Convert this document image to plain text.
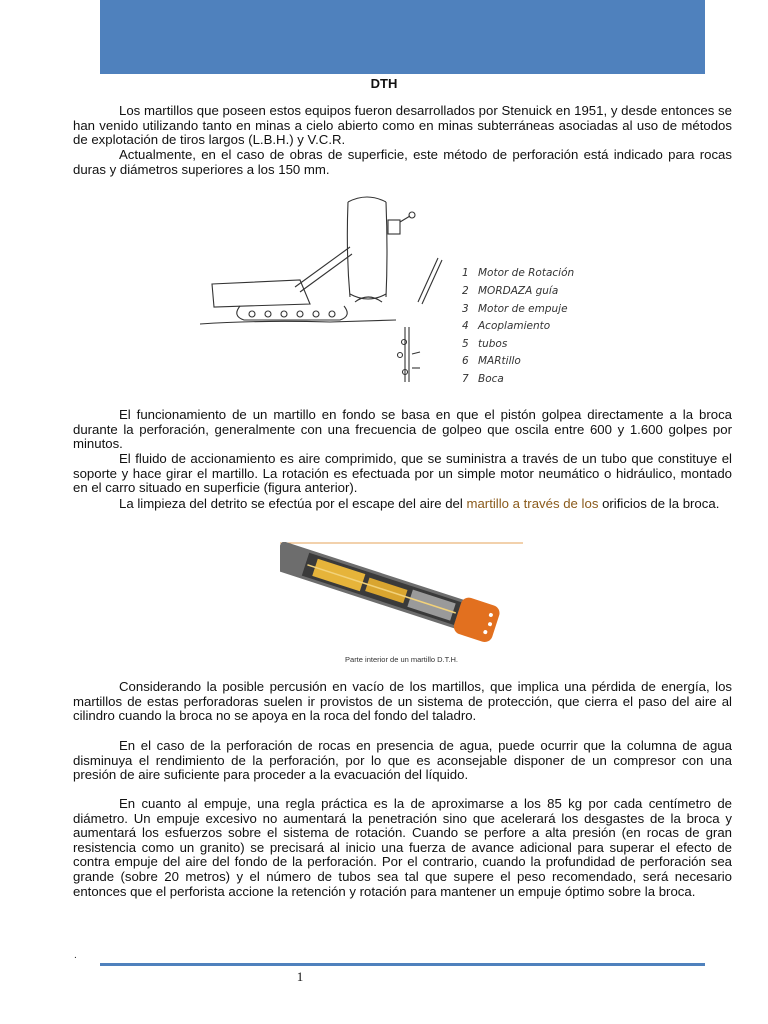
DTH

Los martillos que poseen estos equipos fueron desarrollados por Stenuick en 1951, y desde entonces se han venido utilizando tanto en minas a cielo abierto como en minas subterráneas asociadas al uso de métodos de explotación de tiros largos (L.B.H.) y V.C.R.

Actualmente, en el caso de obras de superficie, este método de perforación está indicado para rocas duras y diámetros superiores a los 150 mm.

1 Motor de Rotación
2 MORDAZA guía
3 Motor de empuje
4 Acoplamiento
5 tubos
6 MARtillo
7 Boca

El funcionamiento de un martillo en fondo se basa en que el pistón golpea directamente a la broca durante la perforación, generalmente con una frecuencia de golpeo que oscila entre 600 y 1.600 golpes por minutos.

El fluido de accionamiento es aire comprimido, que se suministra a través de un tubo que constituye el soporte y hace girar el martillo. La rotación es efectuada por un simple motor neumático o hidráulico, montado en el carro situado en superficie (figura anterior).

La limpieza del detrito se efectúa por el escape del aire del martillo a través de los orificios de la broca.

Parte interior de un martillo D.T.H.

Considerando la posible percusión en vacío de los martillos, que implica una pérdida de energía, los martillos de estas perforadoras suelen ir provistos de un sistema de protección, que cierra el paso del aire al cilindro cuando la broca no se apoya en la roca del fondo del taladro.

En el caso de la perforación de rocas en presencia de agua, puede ocurrir que la columna de agua disminuya el rendimiento de la perforación, por lo que es aconsejable disponer de un compresor con una presión de aire suficiente para proceder a la evacuación del líquido.

En cuanto al empuje, una regla práctica es la de aproximarse a los 85 kg por cada centímetro de diámetro. Un empuje excesivo no aumentará la penetración sino que acelerará los desgastes de la broca y aumentará los esfuerzos sobre el sistema de rotación. Cuando se perfore a alta presión (en rocas de gran resistencia como un granito) se precisará al inicio una fuerza de avance adicional para superar el efecto de contra empuje del aire del fondo de la perforación. Por el contrario, cuando la profundidad de perforación sea grande (sobre 20 metros) y el número de tubos sea tal que supere el peso recomendado, será necesario entonces que el perforista accione la retención y rotación para mantener un empuje óptimo sobre la broca.

.
1
